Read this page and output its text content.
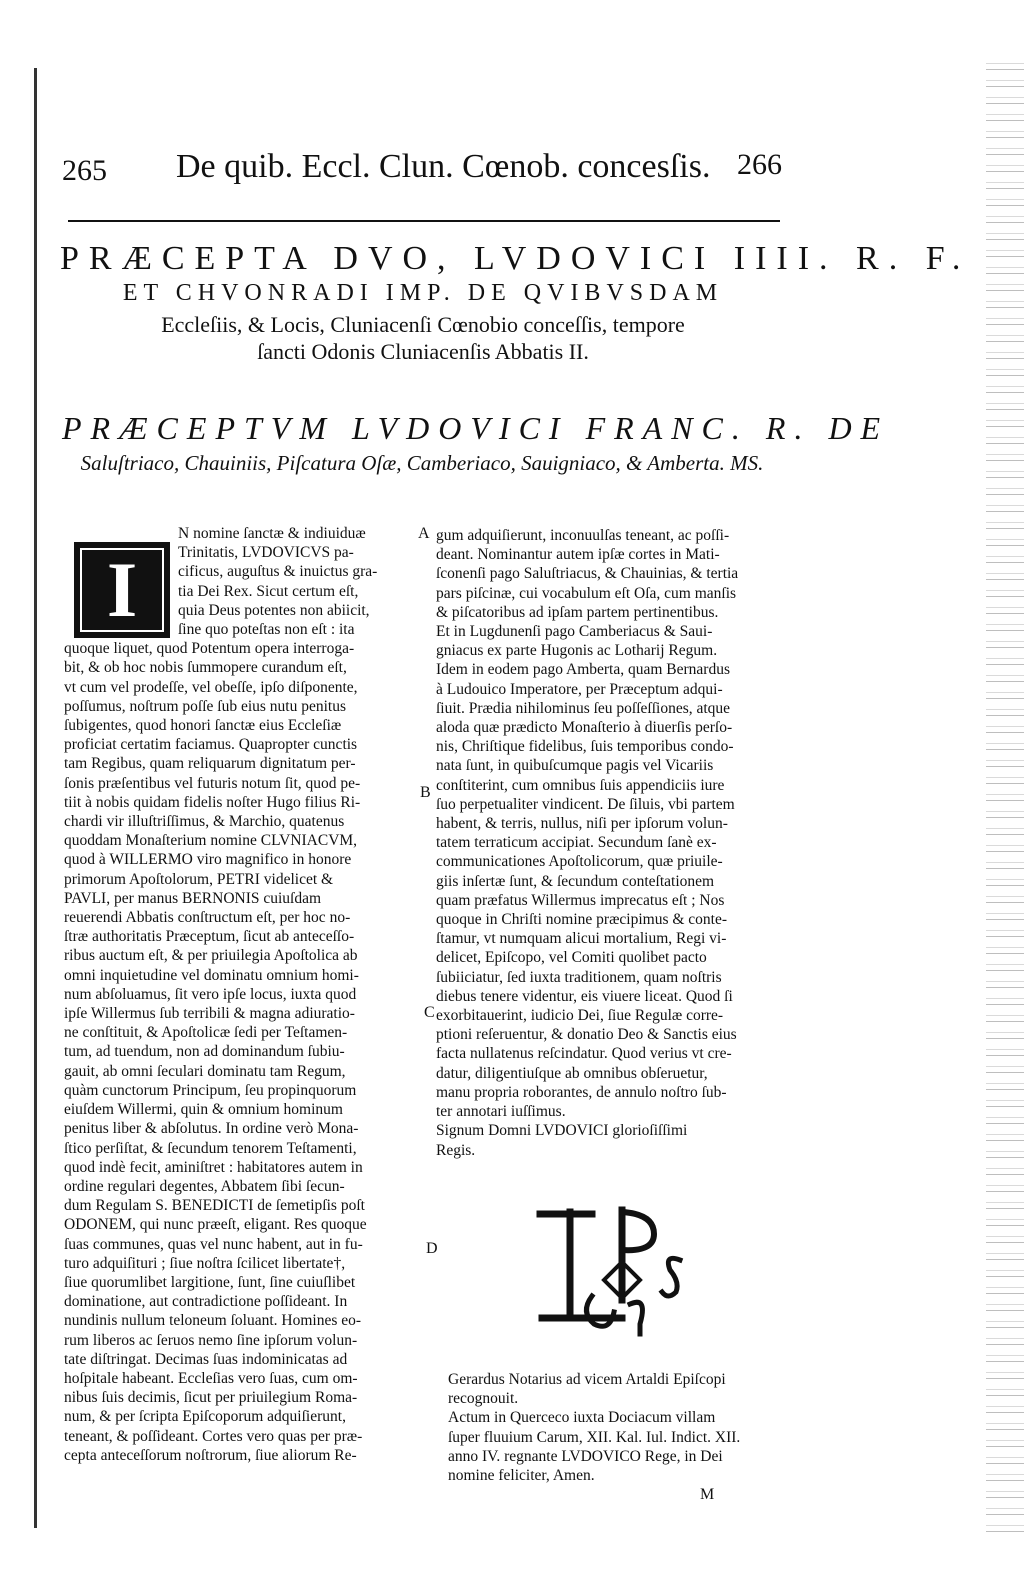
265 De quib. Eccl. Clun. Cœnob. concesſis. 266
PRÆCEPTA DVO, LVDOVICI IIII. R. F.
ET CHVONRADI IMP. DE QVIBVSDAM
Eccleſiis, & Locis, Cluniacenſi Cœnobio conceſſis, tempore ſancti Odonis Cluniacenſis Abbatis II.
PRÆCEPTVM LVDOVICI FRANC. R. DE
Saluſtriaco, Chauiniis, Piſcatura Oſæ, Camberiaco, Sauigniaco, & Amberta. MS.
I
N nomine ſanctæ & indiuiduæ
Trinitatis, LVDOVICVS pa-
cificus, auguſtus & inuictus gra-
tia Dei Rex. Sicut certum eſt,
quia Deus potentes non abiicit,
ſine quo poteſtas non eſt : ita
quoque liquet, quod Potentum opera interroga-
bit, & ob hoc nobis ſummopere curandum eſt,
vt cum vel prodeſſe, vel obeſſe, ipſo diſponente,
poſſumus, noſtrum poſſe ſub eius nutu penitus
ſubigentes, quod honori ſanctæ eius Eccleſiæ
proficiat certatim faciamus. Quapropter cunctis
tam Regibus, quam reliquarum dignitatum per-
ſonis præſentibus vel futuris notum ſit, quod pe-
tiit à nobis quidam fidelis noſter Hugo filius Ri-
chardi vir illuſtriſſimus, & Marchio, quatenus
quoddam Monaſterium nomine CLVNIACVM,
quod à WILLERMO viro magnifico in honore
primorum Apoſtolorum, PETRI videlicet &
PAVLI, per manus BERNONIS cuiuſdam
reuerendi Abbatis conſtructum eſt, per hoc no-
ſtræ authoritatis Præceptum, ſicut ab anteceſſo-
ribus auctum eſt, & per priuilegia Apoſtolica ab
omni inquietudine vel dominatu omnium homi-
num abſoluamus, ſit vero ipſe locus, iuxta quod
ipſe Willermus ſub terribili & magna adiuratio-
ne conſtituit, & Apoſtolicæ ſedi per Teſtamen-
tum, ad tuendum, non ad dominandum ſubiu-
gauit, ab omni ſeculari dominatu tam Regum,
quàm cunctorum Principum, ſeu propinquorum
eiuſdem Willermi, quin & omnium hominum
penitus liber & abſolutus. In ordine verò Mona-
ſtico perſiſtat, & ſecundum tenorem Teſtamenti,
quod indè fecit, aminiſtret : habitatores autem in
ordine regulari degentes, Abbatem ſibi ſecun-
dum Regulam S. BENEDICTI de ſemetipſis poſt
ODONEM, qui nunc præeſt, eligant. Res quoque
ſuas communes, quas vel nunc habent, aut in fu-
turo adquiſituri ; ſiue noſtra ſcilicet libertate†,
ſiue quorumlibet largitione, ſunt, ſine cuiuſlibet
dominatione, aut contradictione poſſideant. In
nundinis nullum teloneum ſoluant. Homines eo-
rum liberos ac ſeruos nemo ſine ipſorum volun-
tate diſtringat. Decimas ſuas indominicatas ad
hoſpitale habeant. Eccleſias vero ſuas, cum om-
nibus ſuis decimis, ſicut per priuilegium Roma-
num, & per ſcripta Epiſcoporum adquiſierunt,
teneant, & poſſideant. Cortes vero quas per præ-
cepta anteceſſorum noſtrorum, ſiue aliorum Re-
gum adquiſierunt, inconuulſas teneant, ac poſſi-
deant. Nominantur autem ipſæ cortes in Mati-
ſconenſi pago Saluſtriacus, & Chauinias, & tertia
pars piſcinæ, cui vocabulum eſt Oſa, cum manſis
& piſcatoribus ad ipſam partem pertinentibus.
Et in Lugdunenſi pago Camberiacus & Saui-
gniacus ex parte Hugonis ac Lotharij Regum.
Idem in eodem pago Amberta, quam Bernardus
à Ludouico Imperatore, per Præceptum adqui-
ſiuit. Prædia nihilominus ſeu poſſeſſiones, atque
aloda quæ prædicto Monaſterio à diuerſis perſo-
nis, Chriſtique fidelibus, ſuis temporibus condo-
nata ſunt, in quibuſcumque pagis vel Vicariis
conſtiterint, cum omnibus ſuis appendiciis iure
ſuo perpetualiter vindicent. De ſiluis, vbi partem
habent, & terris, nullus, niſi per ipſorum volun-
tatem terraticum accipiat. Secundum ſanè ex-
communicationes Apoſtolicorum, quæ priuile-
giis inſertæ ſunt, & ſecundum conteſtationem
quam præfatus Willermus imprecatus eſt ; Nos
quoque in Chriſti nomine præcipimus & conte-
ſtamur, vt numquam alicui mortalium, Regi vi-
delicet, Epiſcopo, vel Comiti quolibet pacto
ſubiiciatur, ſed iuxta traditionem, quam noſtris
diebus tenere videntur, eis viuere liceat. Quod ſi
exorbitauerint, iudicio Dei, ſiue Regulæ corre-
ptioni reſeruentur, & donatio Deo & Sanctis eius
facta nullatenus reſcindatur. Quod verius vt cre-
datur, diligentiuſque ab omnibus obſeruetur,
manu propria roborantes, de annulo noſtro ſub-
ter annotari iuſſimus.
Signum Domni LVDOVICI glorioſiſſimi
Regis.
A
B
C
D
Gerardus Notarius ad vicem Artaldi Epiſcopi
recognouit.
Actum in Querceco iuxta Dociacum villam
ſuper fluuium Carum, XII. Kal. Iul. Indict. XII.
anno IV. regnante LVDOVICO Rege, in Dei
nomine feliciter, Amen.
M
